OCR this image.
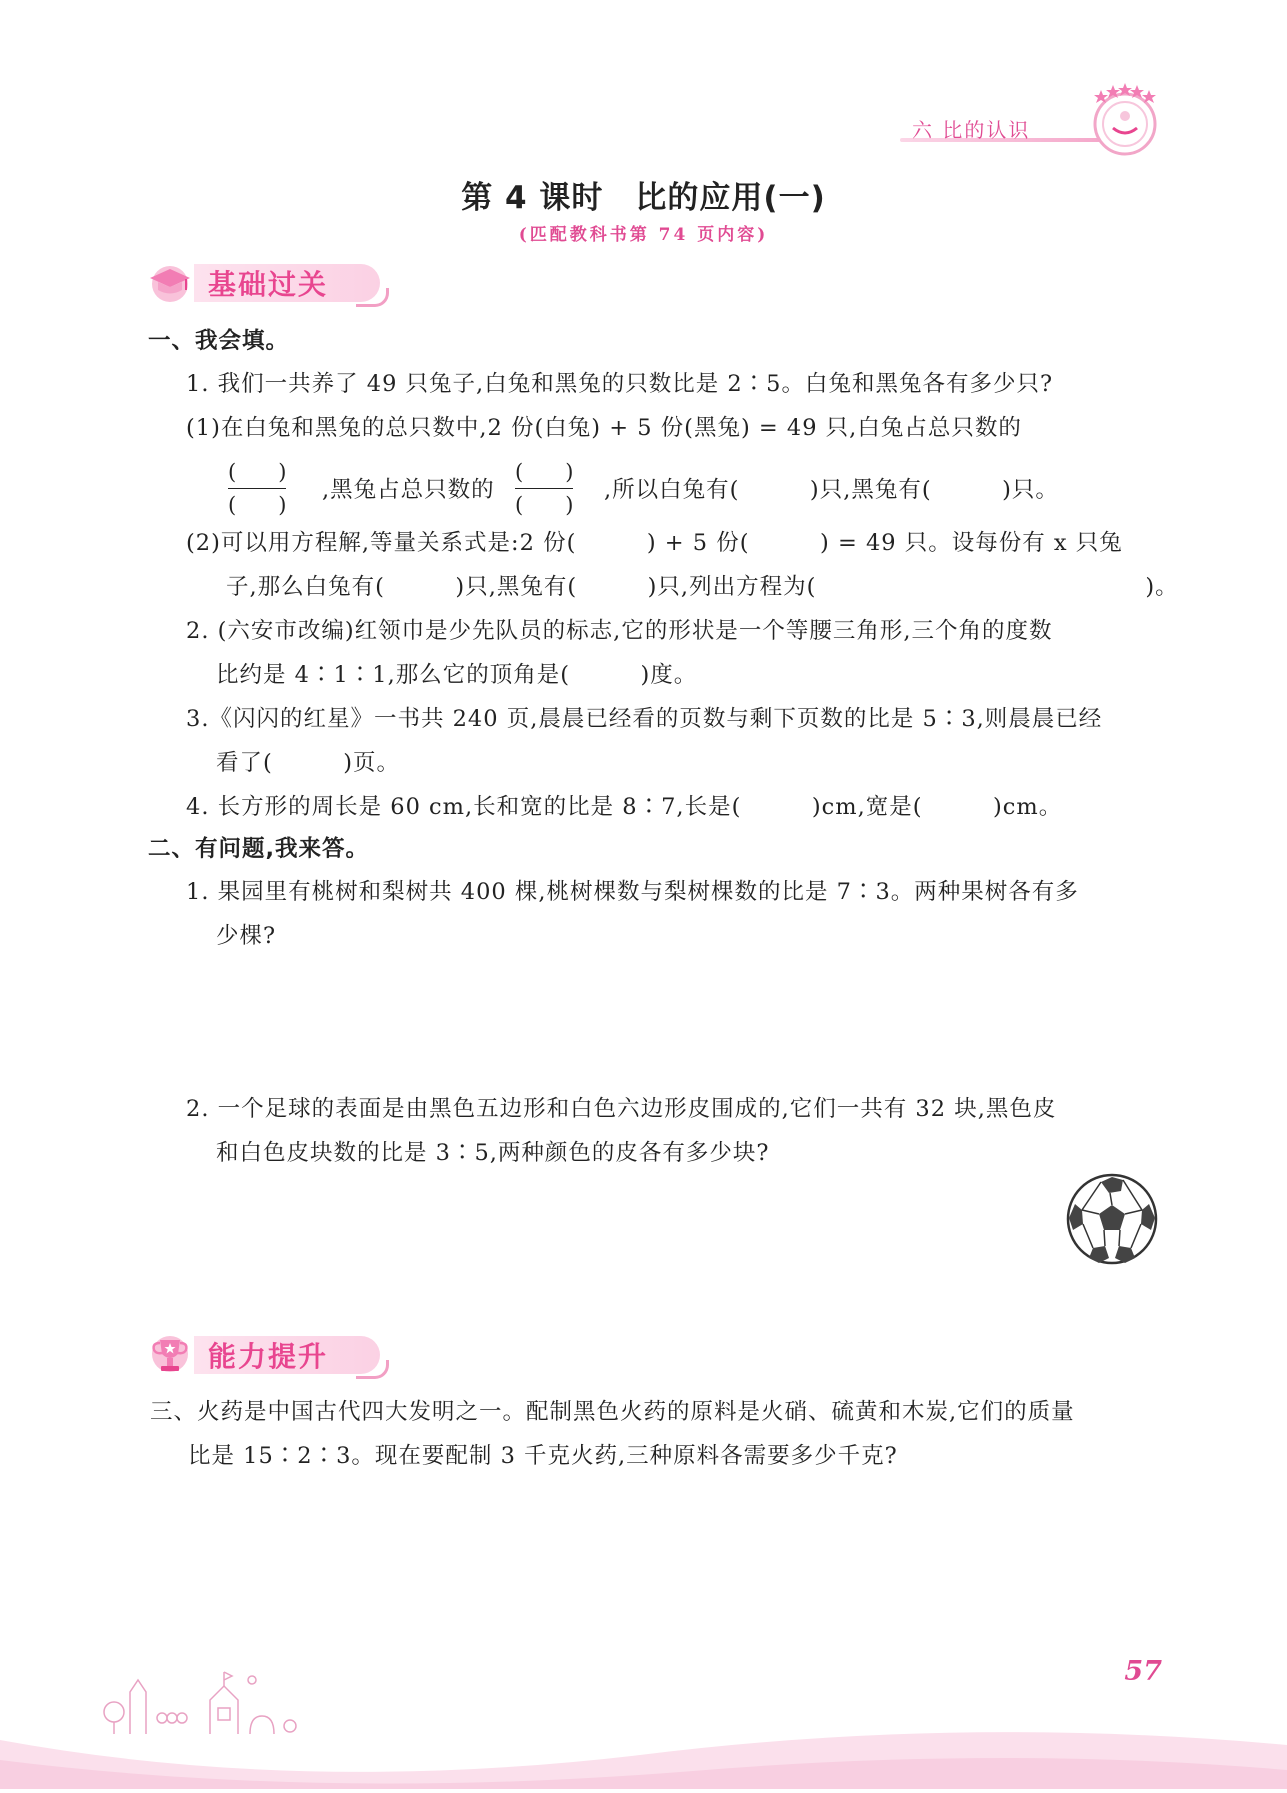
六 比的认识
第 4 课时　比的应用(一)
(匹配教科书第 74 页内容)
基础过关
一、我会填。
1. 我们一共养了 49 只兔子,白兔和黑兔的只数比是 2∶5。白兔和黑兔各有多少只?
(1)在白兔和黑兔的总只数中,2 份(白兔) + 5 份(黑兔) = 49 只,白兔占总只数的
(　　)
(　　)
,黑兔占总只数的
(　　)
(　　)
,所以白兔有(　　　)只,黑兔有(　　　)只。
(2)可以用方程解,等量关系式是:2 份(　　　) + 5 份(　　　) = 49 只。设每份有 x 只兔
子,那么白兔有(　　　)只,黑兔有(　　　)只,列出方程为(　　　　　　　　　　　　　　)。
2. (六安市改编)红领巾是少先队员的标志,它的形状是一个等腰三角形,三个角的度数
比约是 4∶1∶1,那么它的顶角是(　　　)度。
3.《闪闪的红星》一书共 240 页,晨晨已经看的页数与剩下页数的比是 5∶3,则晨晨已经
看了(　　　)页。
4. 长方形的周长是 60 cm,长和宽的比是 8∶7,长是(　　　)cm,宽是(　　　)cm。
二、有问题,我来答。
1. 果园里有桃树和梨树共 400 棵,桃树棵数与梨树棵数的比是 7∶3。两种果树各有多
少棵?
2. 一个足球的表面是由黑色五边形和白色六边形皮围成的,它们一共有 32 块,黑色皮
和白色皮块数的比是 3∶5,两种颜色的皮各有多少块?
能力提升
三、火药是中国古代四大发明之一。配制黑色火药的原料是火硝、硫黄和木炭,它们的质量
比是 15∶2∶3。现在要配制 3 千克火药,三种原料各需要多少千克?
57
